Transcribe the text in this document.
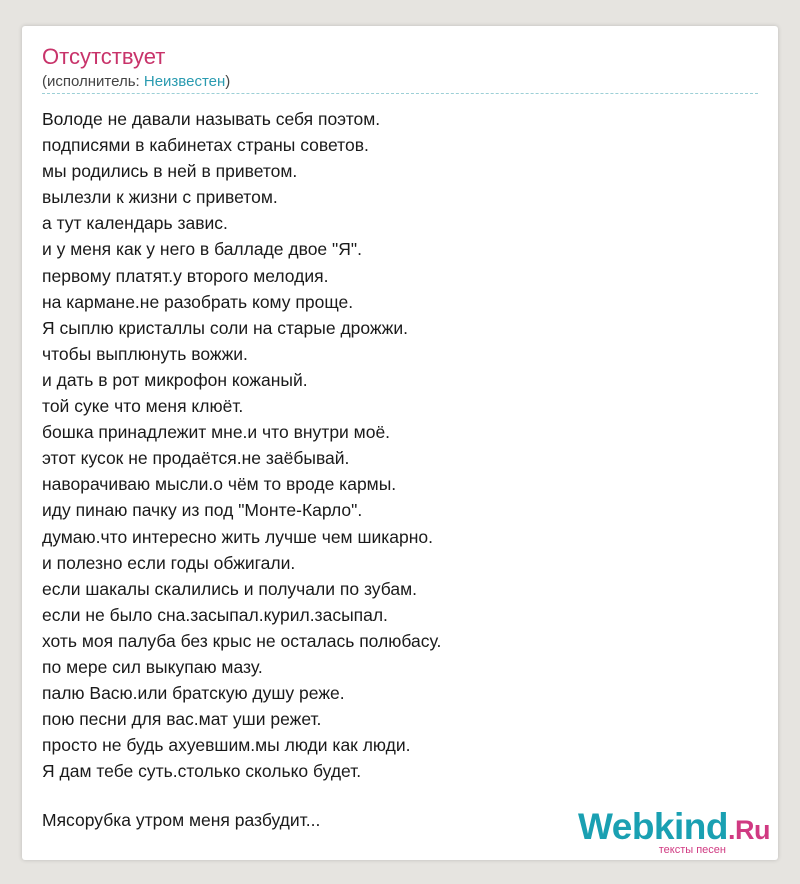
Отсутствует
(исполнитель: Неизвестен)
Володе не давали называть себя поэтом.
подписями в кабинетах страны советов.
мы родились в ней в приветом.
вылезли к жизни с приветом.
а тут календарь завис.
и у меня как у него в балладе двое "Я".
первому платят.у второго мелодия.
на кармане.не разобрать кому проще.
Я сыплю кристаллы соли на старые дрожжи.
чтобы выплюнуть вожжи.
и дать в рот микрофон кожаный.
той суке что меня клюёт.
бошка принадлежит мне.и что внутри моё.
этот кусок не продаётся.не заёбывай.
наворачиваю мысли.о чём то вроде кармы.
иду пинаю пачку из под "Монте-Карло".
думаю.что интересно жить лучше чем шикарно.
и полезно если годы обжигали.
если шакалы скалились и получали по зубам.
если не было сна.засыпал.курил.засыпал.
хоть моя палуба без крыс не осталась полюбасу.
по мере сил выкупаю мазу.
палю Васю.или братскую душу реже.
пою песни для вас.мат уши режет.
просто не будь ахуевшим.мы люди как люди.
Я дам тебе суть.столько сколько будет.
Мясорубка утром меня разбудит...	Webkind.Ru
тексты песен
